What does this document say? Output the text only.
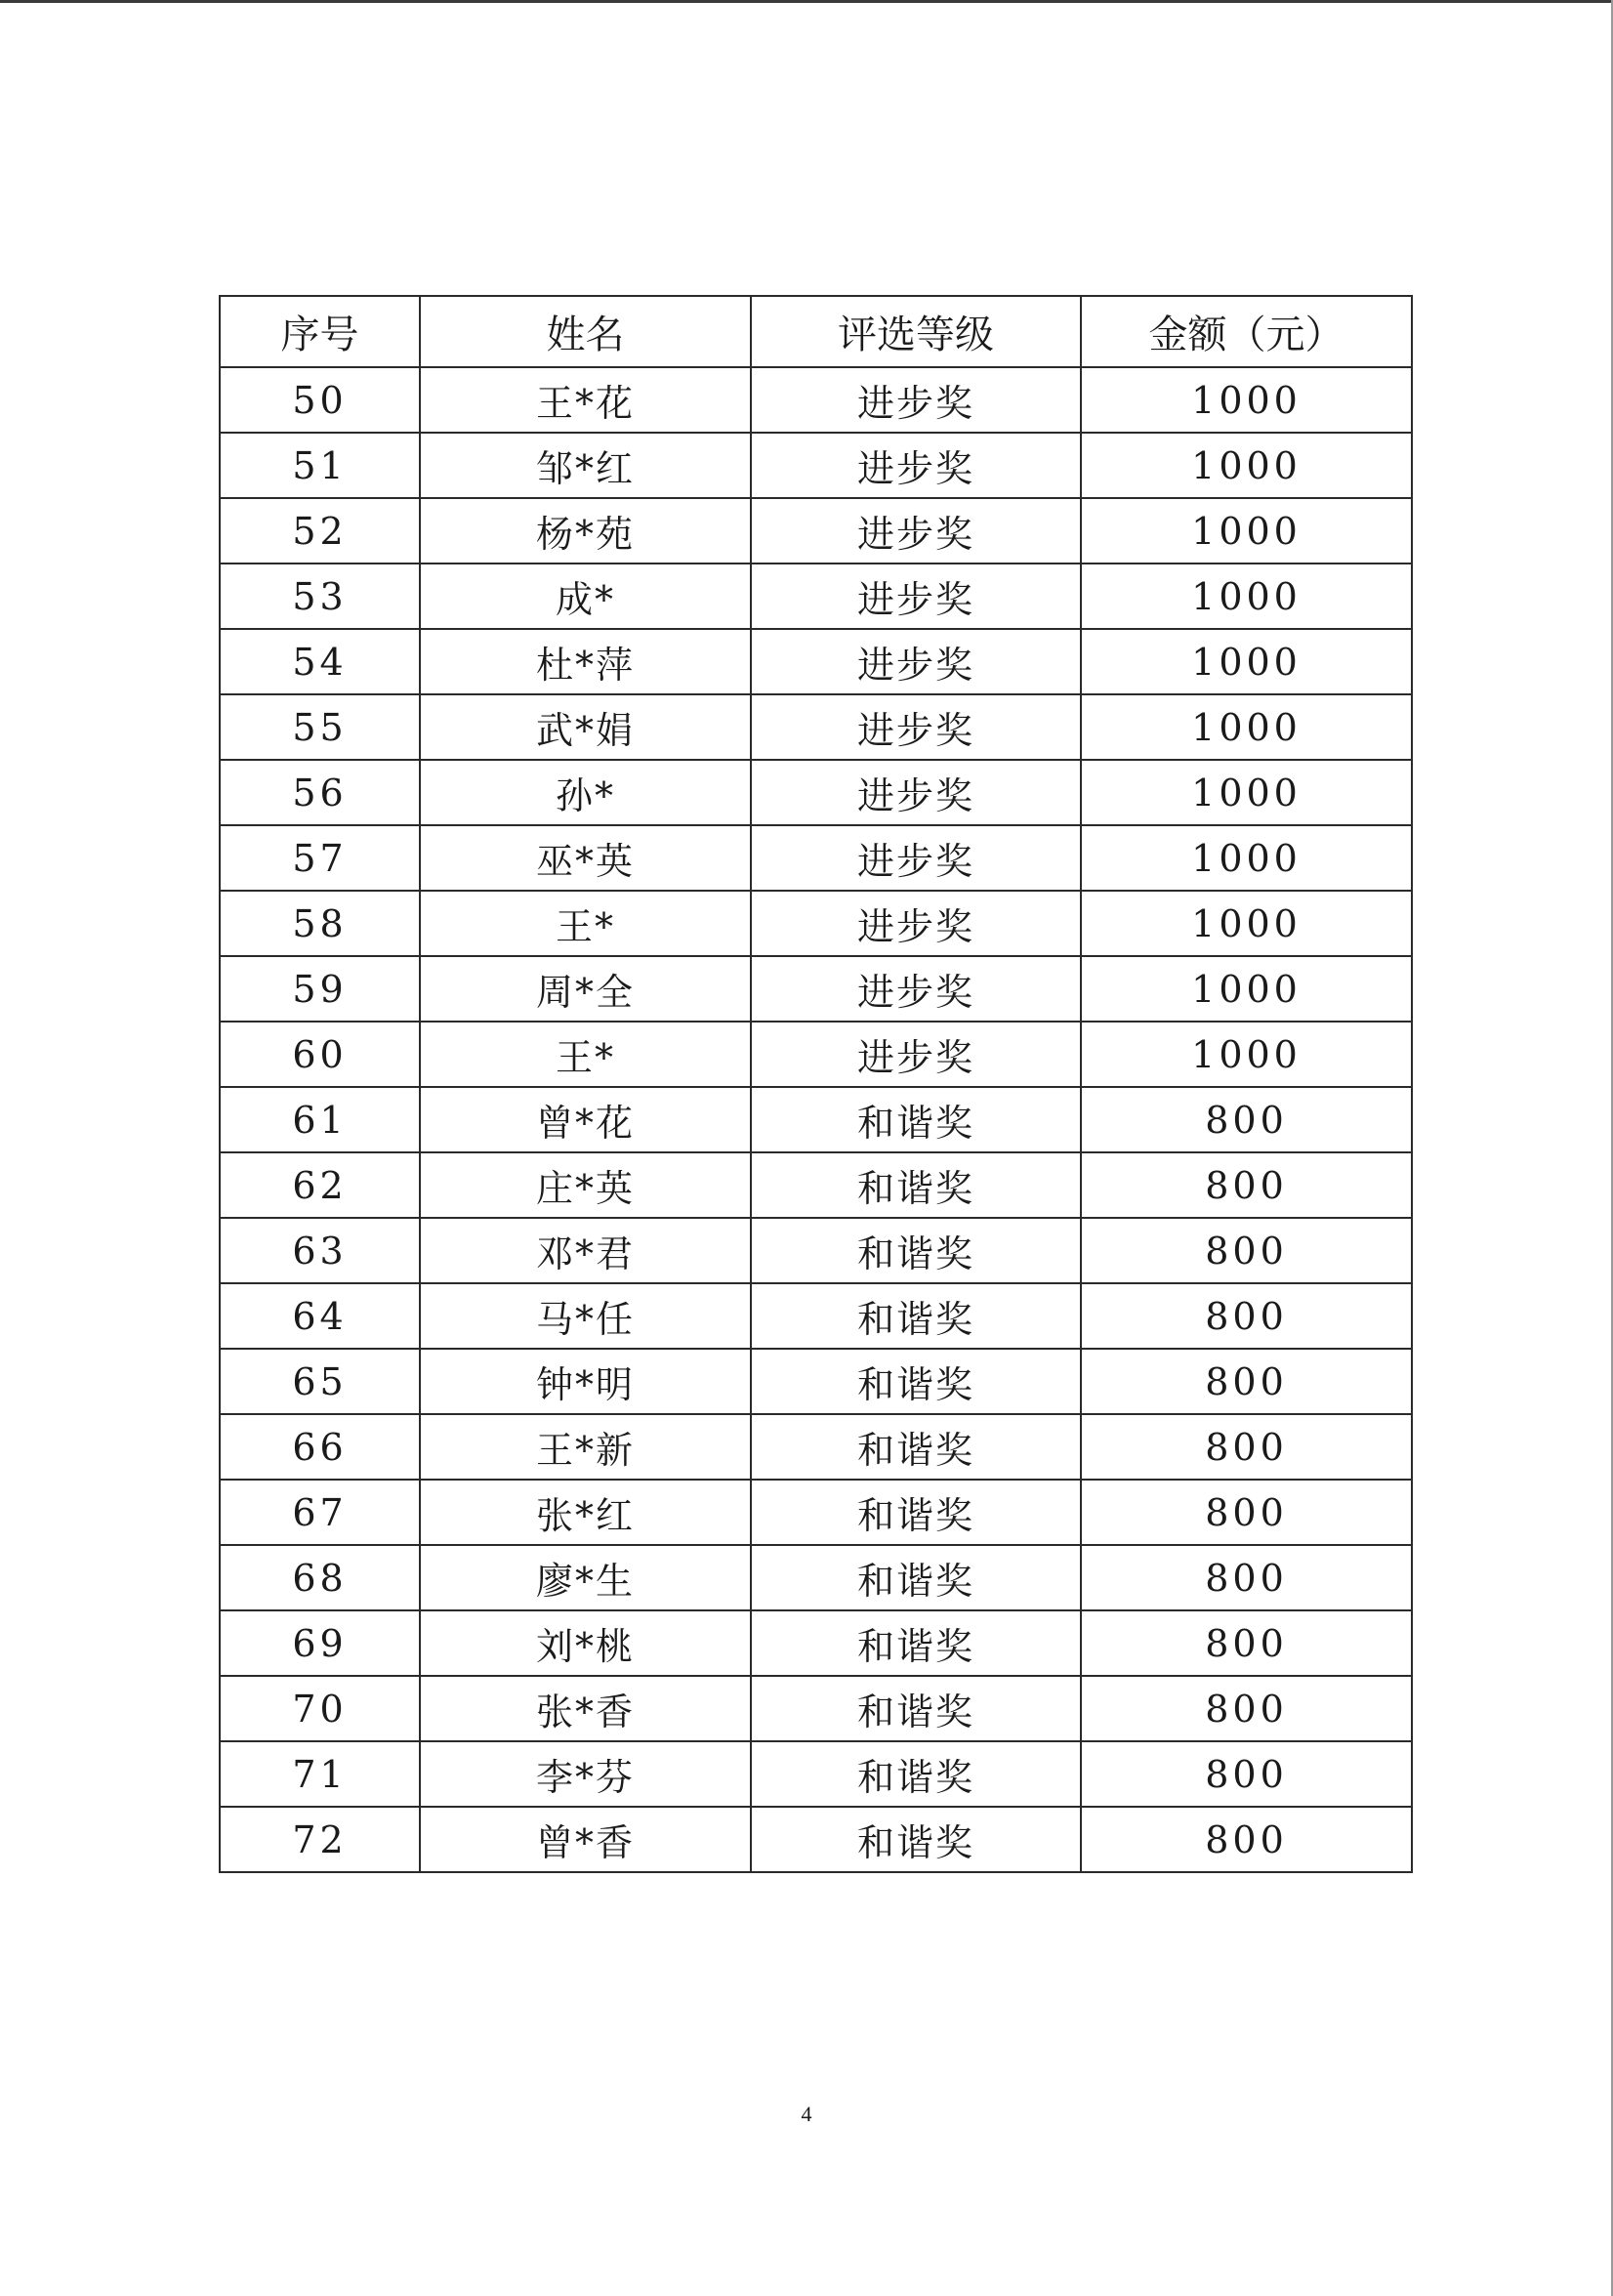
序号	姓名	评选等级	金额（元）
50	王*花	进步奖	1000
51	邹*红	进步奖	1000
52	杨*苑	进步奖	1000
53	成*	进步奖	1000
54	杜*萍	进步奖	1000
55	武*娟	进步奖	1000
56	孙*	进步奖	1000
57	巫*英	进步奖	1000
58	王*	进步奖	1000
59	周*全	进步奖	1000
60	王*	进步奖	1000
61	曾*花	和谐奖	800
62	庄*英	和谐奖	800
63	邓*君	和谐奖	800
64	马*任	和谐奖	800
65	钟*明	和谐奖	800
66	王*新	和谐奖	800
67	张*红	和谐奖	800
68	廖*生	和谐奖	800
69	刘*桃	和谐奖	800
70	张*香	和谐奖	800
71	李*芬	和谐奖	800
72	曾*香	和谐奖	800
4
